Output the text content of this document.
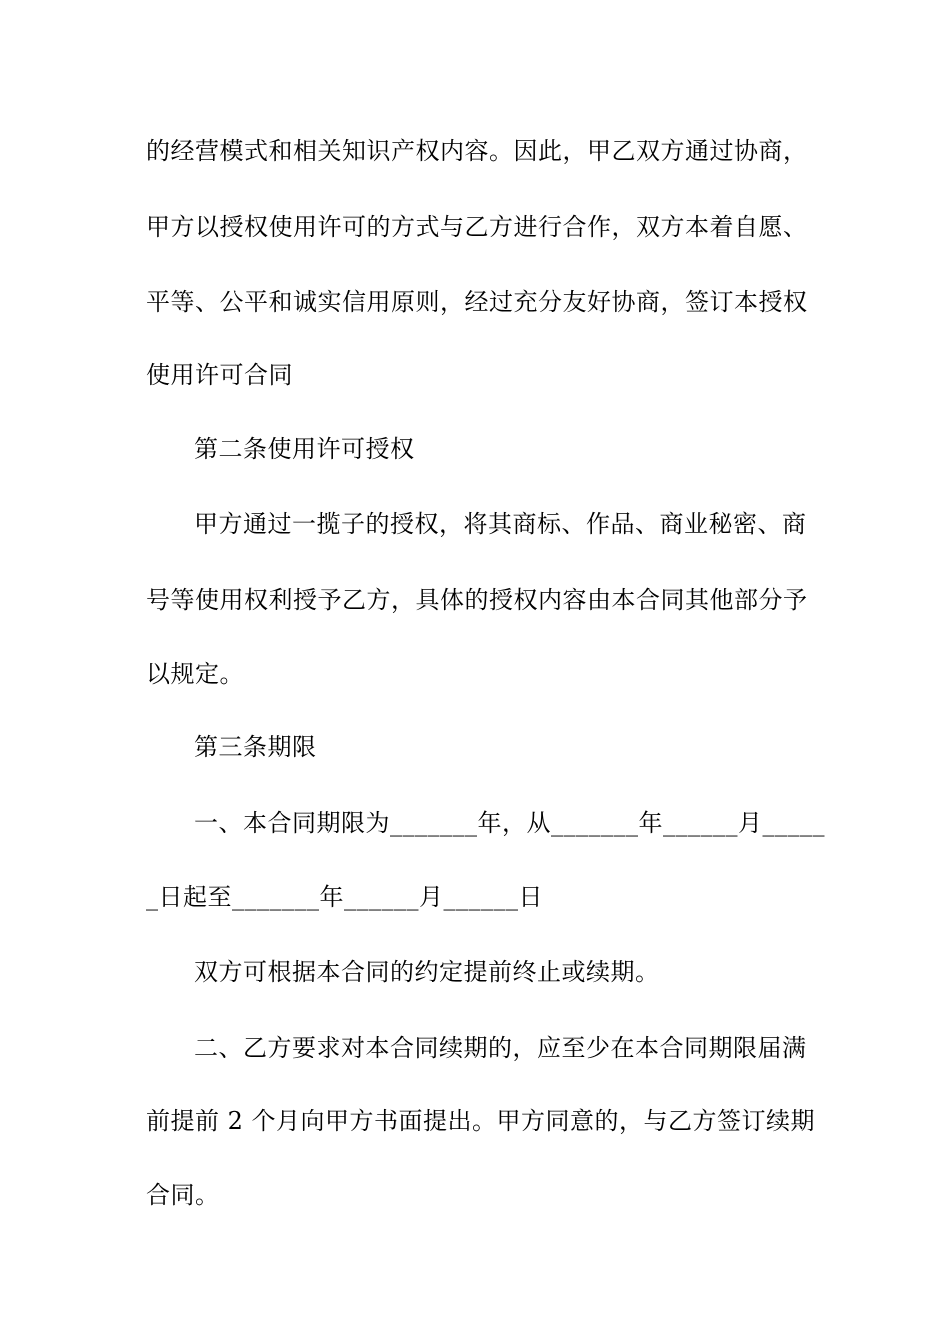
的经营模式和相关知识产权内容。因此，甲乙双方通过协商，
甲方以授权使用许可的方式与乙方进行合作，双方本着自愿、
平等、公平和诚实信用原则，经过充分友好协商，签订本授权
使用许可合同
第二条使用许可授权
甲方通过一揽子的授权，将其商标、作品、商业秘密、商
号等使用权利授予乙方，具体的授权内容由本合同其他部分予
以规定。
第三条期限
一、本合同期限为_______年，从_______年______月_____
_日起至_______年______月______日
双方可根据本合同的约定提前终止或续期。
二、乙方要求对本合同续期的，应至少在本合同期限届满
前提前 2 个月向甲方书面提出。甲方同意的，与乙方签订续期
合同。
